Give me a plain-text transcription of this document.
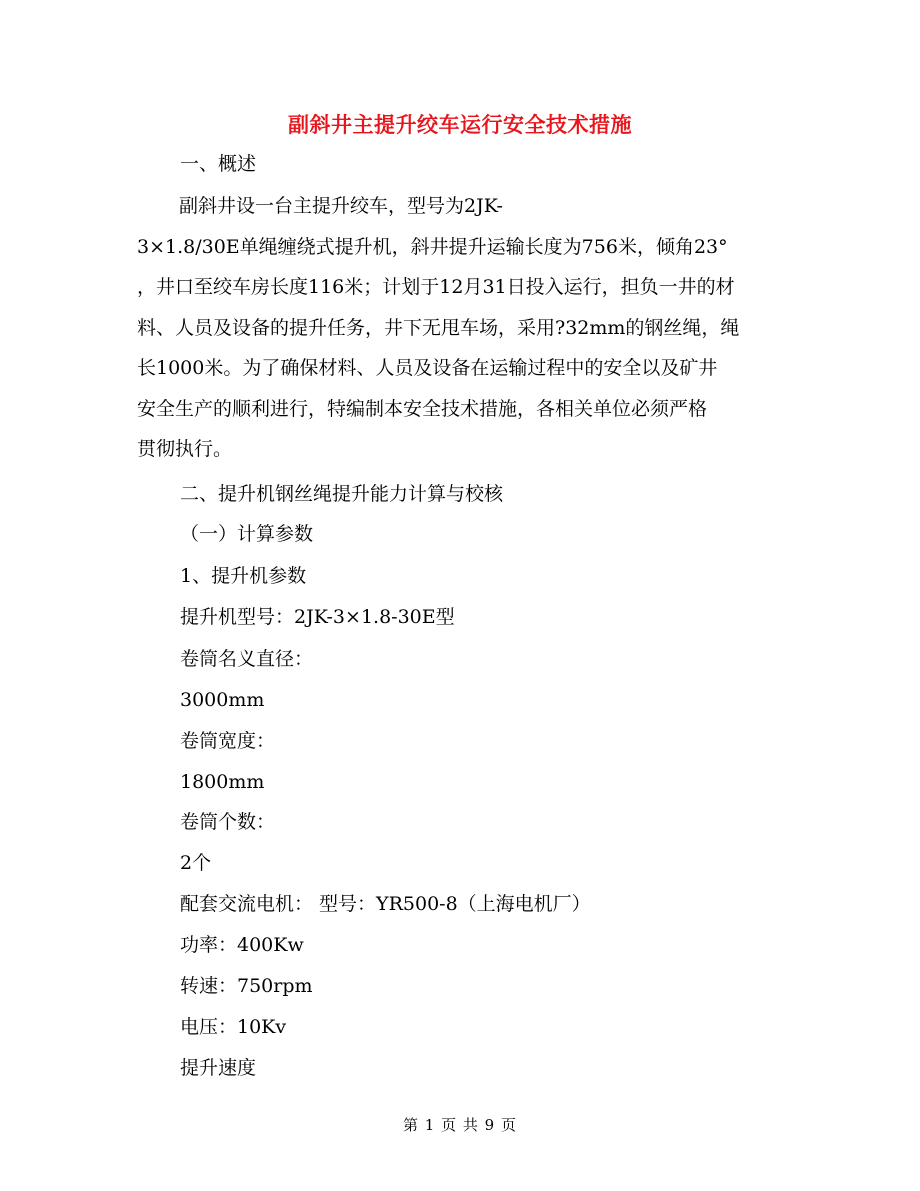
副斜井主提升绞车运行安全技术措施
一、概述
副斜井设一台主提升绞车，型号为2JK-
3×1.8/30E单绳缠绕式提升机，斜井提升运输长度为756米，倾角23°
，井口至绞车房长度116米；计划于12月31日投入运行，担负一井的材
料、人员及设备的提升任务，井下无甩车场，采用?32mm的钢丝绳，绳
长1000米。为了确保材料、人员及设备在运输过程中的安全以及矿井
安全生产的顺利进行，特编制本安全技术措施，各相关单位必须严格
贯彻执行。
二、提升机钢丝绳提升能力计算与校核
（一）计算参数
1、提升机参数
提升机型号：2JK-3×1.8-30E型
卷筒名义直径：
3000mm
卷筒宽度：
1800mm
卷筒个数：
2个
配套交流电机： 型号：YR500-8（上海电机厂）
功率：400Kw
转速：750rpm
电压：10Kv
提升速度
第 1 页 共 9 页
